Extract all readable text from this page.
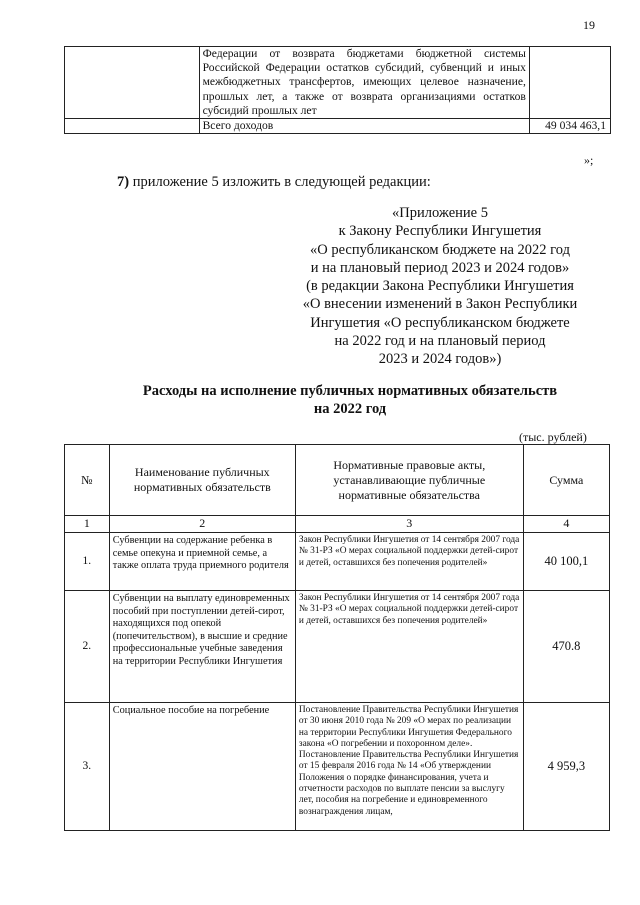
19
	Федерации от возврата бюджетами бюджетной системы Российской Федерации остатков субсидий, субвенций и иных межбюджетных трансфертов, имеющих целевое назначение, прошлых лет, а также от возврата организациями остатков субсидий прошлых лет	
	Всего доходов	49 034 463,1
»;
7) приложение 5 изложить в следующей редакции:
«Приложение 5
к Закону Республики Ингушетия
«О республиканском бюджете на 2022 год
и на плановый период 2023 и 2024 годов»
(в редакции Закона Республики Ингушетия
«О внесении изменений в Закон Республики
Ингушетия «О республиканском бюджете
на 2022 год и на плановый период
2023 и 2024 годов»)
Расходы на исполнение публичных нормативных обязательств
на 2022 год
(тыс. рублей)
№	Наименование публичных нормативных обязательств	Нормативные правовые акты, устанавливающие публичные нормативные обязательства	Сумма
1	2	3	4
1.	Субвенции на содержание ребенка в семье опекуна и приемной семье, а также оплата труда приемного родителя	Закон Республики Ингушетия от 14 сентября 2007 года № 31-РЗ «О мерах социальной поддержки детей-сирот и детей, оставшихся без попечения родителей»	40 100,1
2.	Субвенции на выплату единовременных пособий при поступлении детей-сирот, находящихся под опекой (попечительством), в высшие и средние профессиональные учебные заведения на территории Республики Ингушетия	Закон Республики Ингушетия от 14 сентября 2007 года № 31-РЗ «О мерах социальной поддержки детей-сирот и детей, оставшихся без попечения родителей»	470.8
3.	Социальное пособие на погребение	Постановление Правительства Республики Ингушетия от 30 июня 2010 года № 209 «О мерах по реализации на территории Республики Ингушетия Федерального закона «О погребении и похоронном деле».
Постановление Правительства Республики Ингушетия от 15 февраля 2016 года № 14 «Об утверждении Положения о порядке финансирования, учета и отчетности расходов по выплате пенсии за выслугу лет, пособия на погребение и единовременного вознаграждения лицам,	4 959,3
